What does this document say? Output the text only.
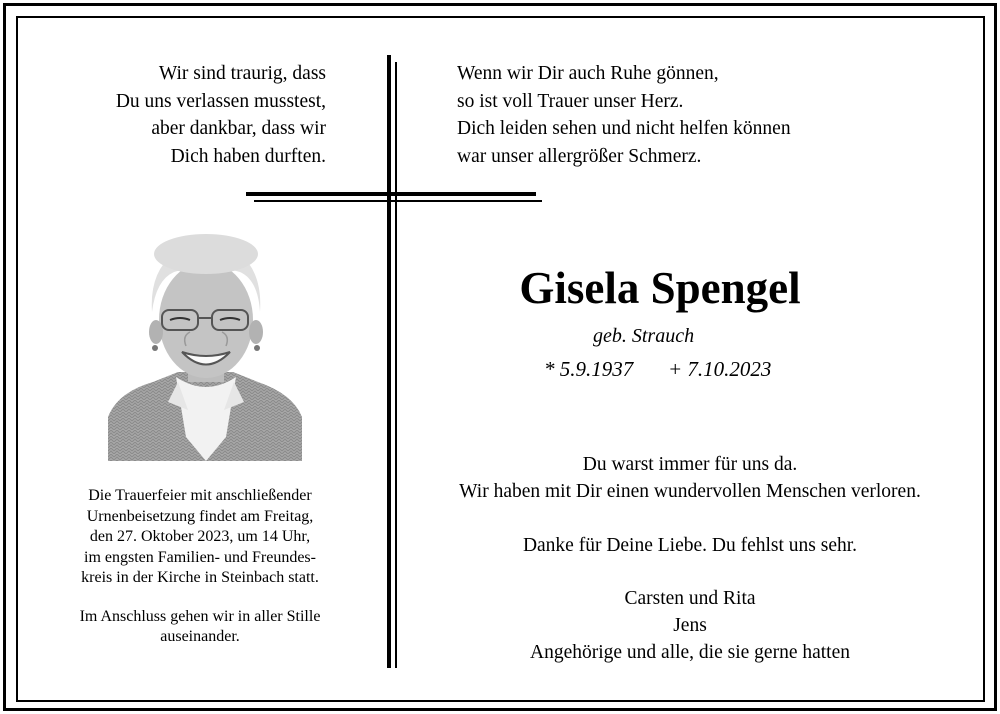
Wir sind traurig, dass
Du uns verlassen musstest,
aber dankbar, dass wir
Dich haben durften.
Wenn wir Dir auch Ruhe gönnen,
so ist voll Trauer unser Herz.
Dich leiden sehen und nicht helfen können
war unser allergrößer Schmerz.
Die Trauerfeier mit anschließender
Urnenbeisetzung findet am Freitag,
den 27. Oktober 2023, um 14 Uhr,
im engsten Familien- und Freundes-
kreis in der Kirche in Steinbach statt.
Im Anschluss gehen wir in aller Stille
auseinander.
Gisela Spengel
geb. Strauch
* 5.9.1937 + 7.10.2023
Du warst immer für uns da.
Wir haben mit Dir einen wundervollen Menschen verloren.
Danke für Deine Liebe. Du fehlst uns sehr.
Carsten und Rita
Jens
Angehörige und alle, die sie gerne hatten
